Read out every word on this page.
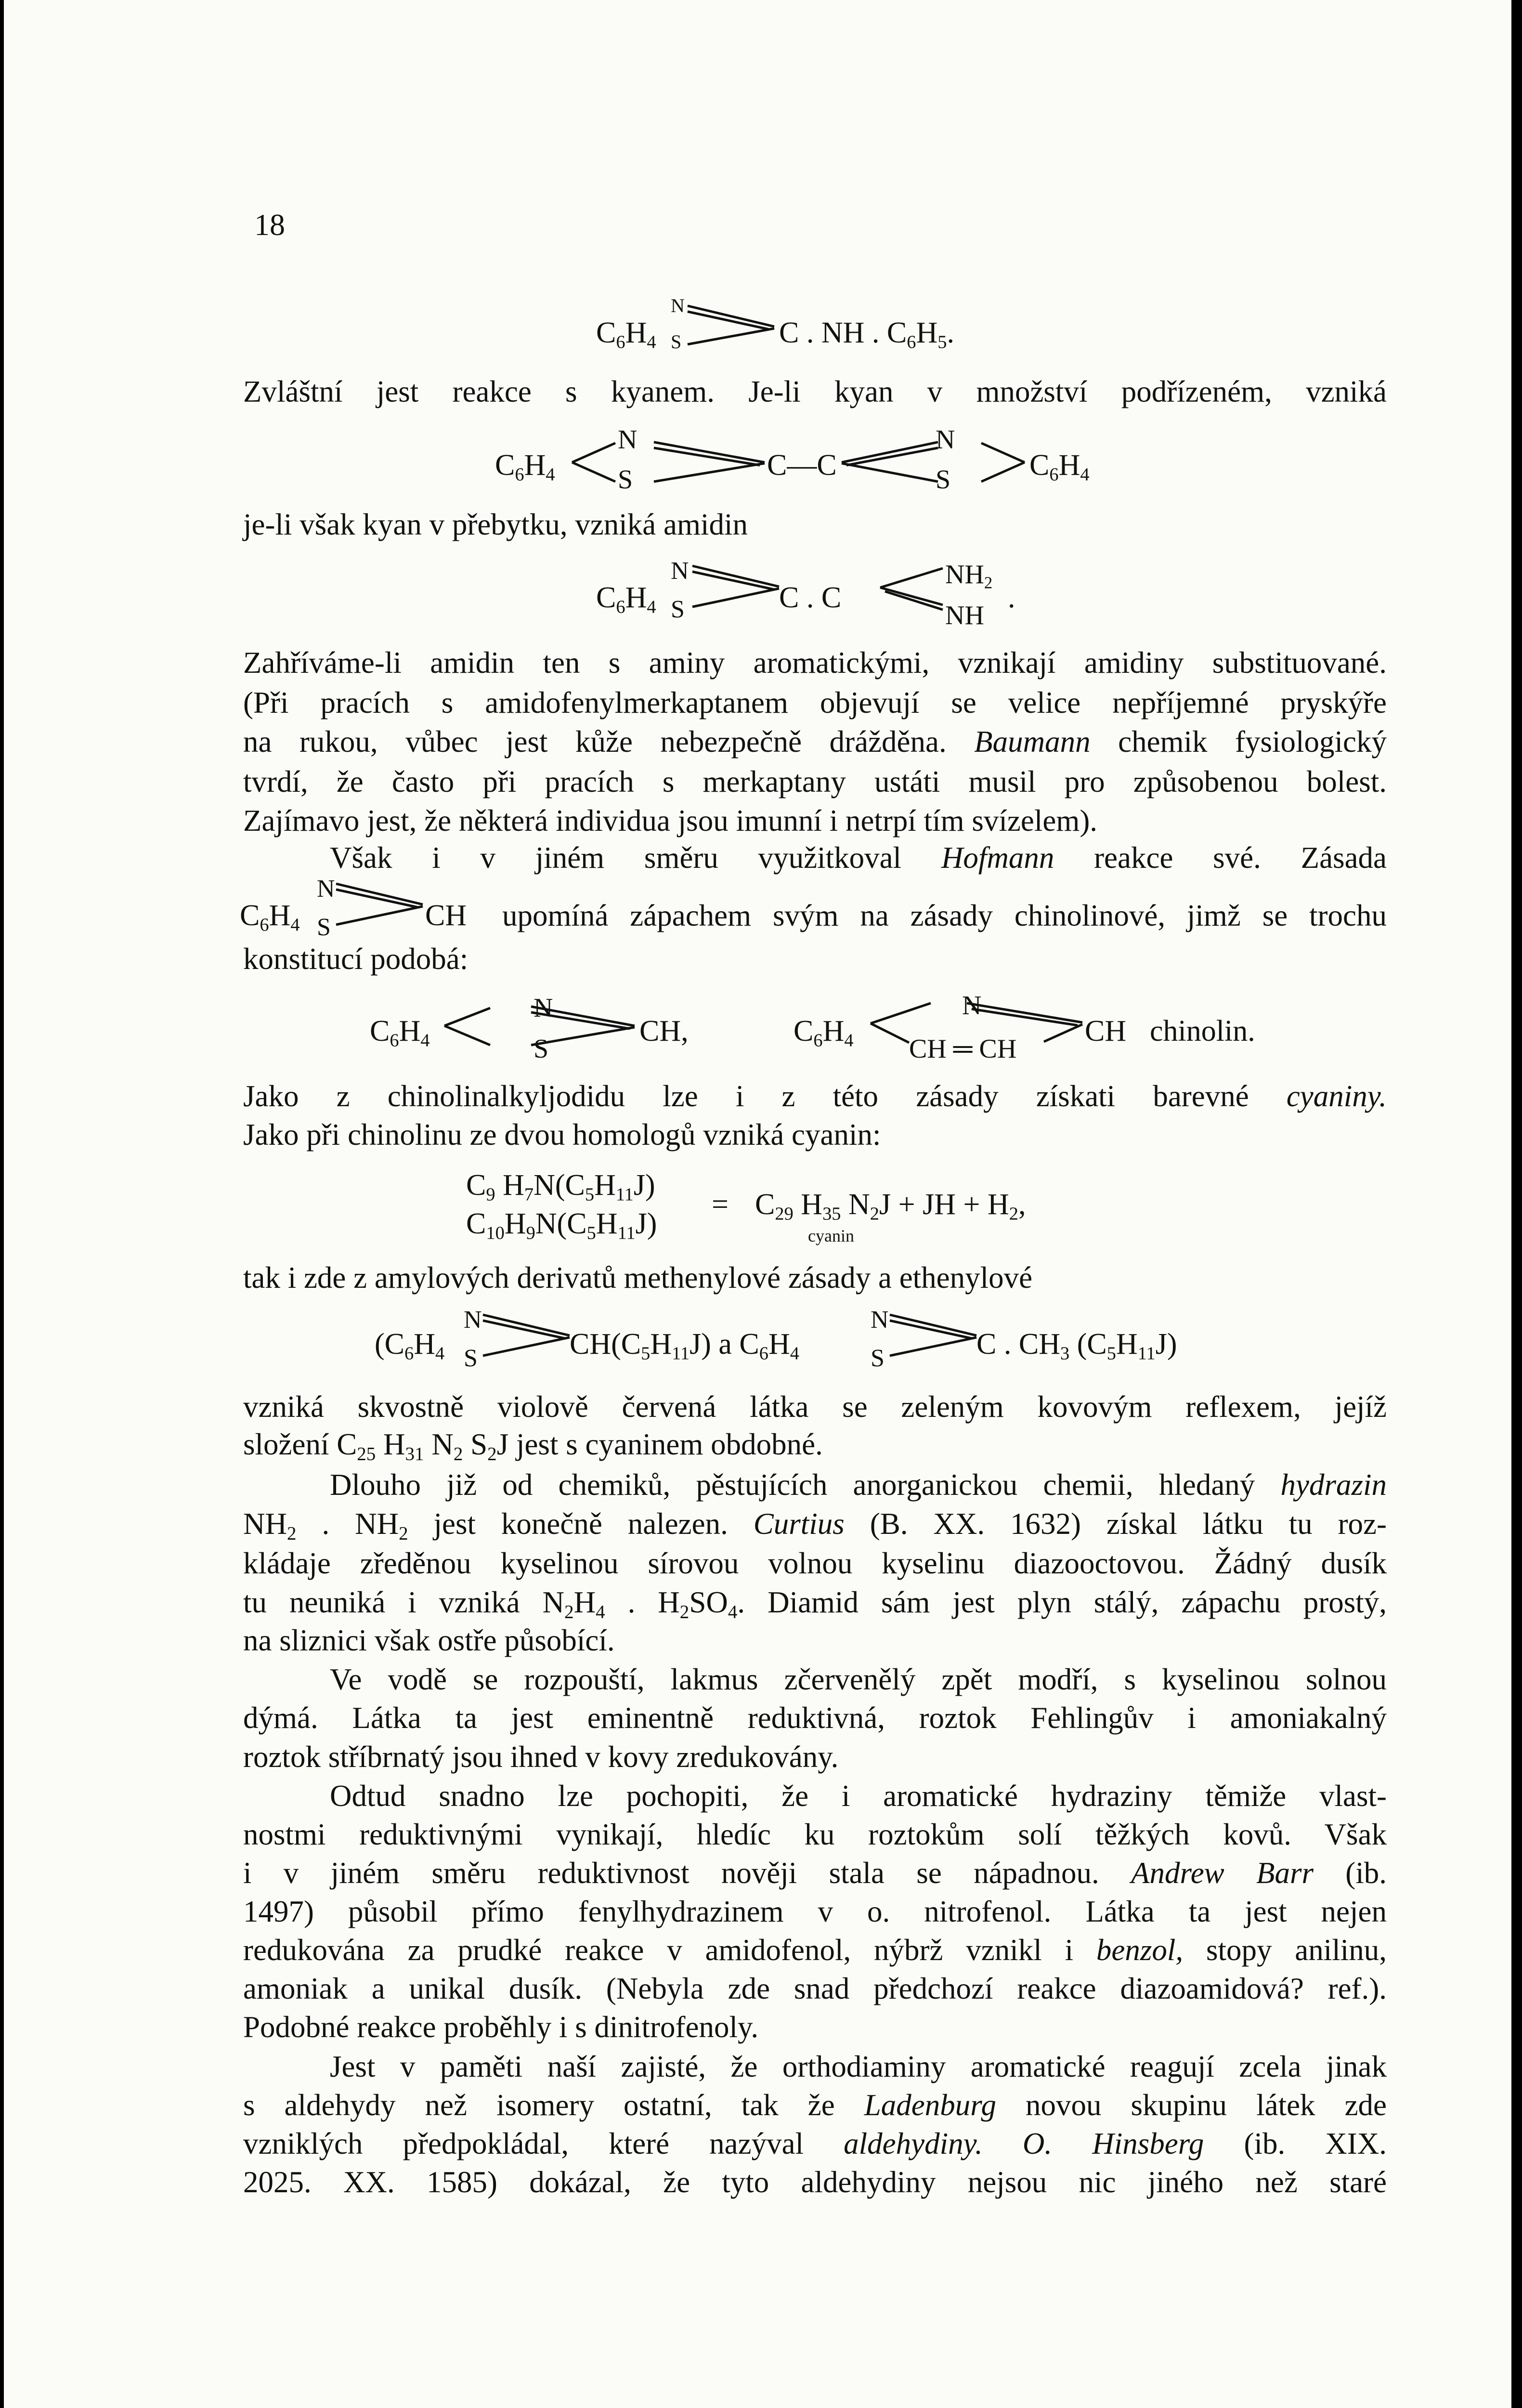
18
$C_6H_4$
N
S	C . NH . $C_6H_5$.
Zvláštní jest reakce s kyanem. Je-li kyan v množství podřízeném, vzniká
$C_6H_4$
N
S	C—C
N
S	$C_6H_4$
je-li však kyan v přebytku, vzniká amidin
$C_6H_4$
N
S	C . C
$NH_2$
NH
.
Zahříváme-li amidin ten s aminy aromatickými, vznikají amidiny substituované.
(Při pracích s amidofenylmerkaptanem objevují se velice nepříjemné pryskýře
na rukou, vůbec jest kůže nebezpečně drážděna. Baumann chemik fysiologický
tvrdí, že často při pracích s merkaptany ustáti musil pro způsobenou bolest.
Zajímavo jest, že některá individua jsou imunní i netrpí tím svízelem).
Však i v jiném směru využitkoval Hofmann reakce své. Zásada
$C_6H_4$
N
S	CH upomíná zápachem svým na zásady chinolinové, jimž se trochu
konstitucí podobá:
$C_6H_4$
N
S
CH,	$C_6H_4$
N
CH ═ CH
CH chinolin.
Jako z chinolinalkyljodidu lze i z této zásady získati barevné cyaniny.
Jako při chinolinu ze dvou homologů vzniká cyanin:
$C_9$ $H_7N(C_5H_{11}J)$
$C_{10}H_9N(C_5H_{11}J)$
= $C_{29}$ $H_{35}$ $N_2J$ + JH + $H_2$,
cyanin
tak i zde z amylových derivatů methenylové zásady a ethenylové
($C_6H_4$
N
S	$CH(C_5H_{11}J)$ a $C_6H_4$
N
S	C . $CH_3$ $(C_5H_{11}J)$
vzniká skvostně violově červená látka se zeleným kovovým reflexem, jejíž
složení $C_{25}$ $H_{31}$ $N_2$ $S_2J$ jest s cyaninem obdobné.
Dlouho již od chemiků, pěstujících anorganickou chemii, hledaný hydrazin
$NH_2$ . $NH_2$ jest konečně nalezen. Curtius (B. XX. 1632) získal látku tu roz-
kládaje zředěnou kyselinou sírovou volnou kyselinu diazooctovou. Žádný dusík
tu neuniká i vzniká $N_2H_4$ . $H_2SO_4$. Diamid sám jest plyn stálý, zápachu prostý,
na sliznici však ostře působící.
Ve vodě se rozpouští, lakmus zčervenělý zpět modří, s kyselinou solnou
dýmá. Látka ta jest eminentně reduktivná, roztok Fehlingův i amoniakalný
roztok stříbrnatý jsou ihned v kovy zredukovány.
Odtud snadno lze pochopiti, že i aromatické hydraziny těmiže vlast-
nostmi reduktivnými vynikají, hledíc ku roztokům solí těžkých kovů. Však
i v jiném směru reduktivnost nověji stala se nápadnou. Andrew Barr (ib.
1497) působil přímo fenylhydrazinem v o. nitrofenol. Látka ta jest nejen
redukována za prudké reakce v amidofenol, nýbrž vznikl i benzol, stopy anilinu,
amoniak a unikal dusík. (Nebyla zde snad předchozí reakce diazoamidová? ref.).
Podobné reakce proběhly i s dinitrofenoly.
Jest v paměti naší zajisté, že orthodiaminy aromatické reagují zcela jinak
s aldehydy než isomery ostatní, tak že Ladenburg novou skupinu látek zde
vzniklých předpokládal, které nazýval aldehydiny. O. Hinsberg (ib. XIX.
2025. XX. 1585) dokázal, že tyto aldehydiny nejsou nic jiného než staré
